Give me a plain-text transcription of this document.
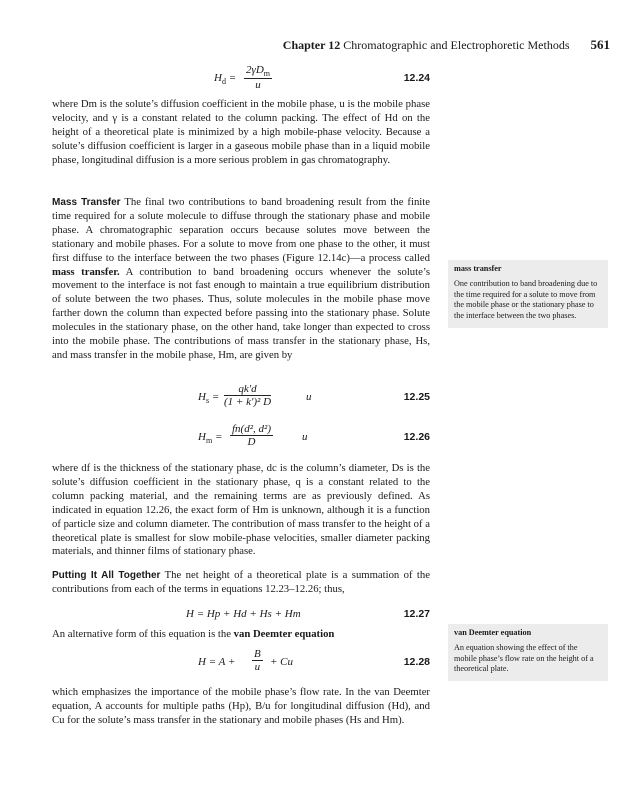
Chapter 12 Chromatographic and Electrophoretic Methods 561
$H_d$ =
$2\gamma D_m$
u
12.24
where Dm is the solute’s diffusion coefficient in the mobile phase, u is the mobile phase velocity, and γ is a constant related to the column packing. The effect of Hd on the height of a theoretical plate is minimized by a high mobile-phase velocity. Because a solute’s diffusion coefficient is larger in a gaseous mobile phase than in a liquid mobile phase, longitudinal diffusion is a more serious problem in gas chromatography.
Mass Transfer The final two contributions to band broadening result from the finite time required for a solute molecule to diffuse through the stationary phase and mobile phase. A chromatographic separation occurs because solutes move between the stationary and mobile phases. For a solute to move from one phase to the other, it must first diffuse to the interface between the two phases (Figure 12.14c)—a process called mass transfer. A contribution to band broadening occurs whenever the solute’s movement to the interface is not fast enough to maintain a true equilibrium distribution of solute between the two phases. Thus, solute molecules in the mobile phase move farther down the column than expected before passing into the stationary phase. Solute molecules in the stationary phase, on the other hand, take longer than expected to cross into the mobile phase. The contributions of mass transfer in the stationary phase, Hs, and mass transfer in the mobile phase, Hm, are given by
$H_s = \frac{qk'd}{\text{(1 + k′)² D}}$	u	12.25
$H_m = \frac{\text{fn(d², d²)}}{D}$	u	12.26
where df is the thickness of the stationary phase, dc is the column’s diameter, Ds is the solute’s diffusion coefficient in the stationary phase, q is a constant related to the column packing material, and the remaining terms are as previously defined. As indicated in equation 12.26, the exact form of Hm is unknown, although it is a function of particle size and column diameter. The contribution of mass transfer to the height of a theoretical plate is smallest for slow mobile-phase velocities, smaller diameter packing materials, and thinner films of stationary phase.
Putting It All Together The net height of a theoretical plate is a summation of the contributions from each of the terms in equations 12.23–12.26; thus,
H = Hp + Hd + Hs + Hm	12.27
An alternative form of this equation is the van Deemter equation
$H = A + \frac{B}{u} + Cu$	12.28
which emphasizes the importance of the mobile phase’s flow rate. In the van Deemter equation, A accounts for multiple paths (Hp), B/u for longitudinal diffusion (Hd), and Cu for the solute’s mass transfer in the stationary and mobile phases (Hs and Hm).
mass transfer
One contribution to band broadening due to the time required for a solute to move from the mobile phase or the stationary phase to the interface between the two phases.
van Deemter equation
An equation showing the effect of the mobile phase’s flow rate on the height of a theoretical plate.
